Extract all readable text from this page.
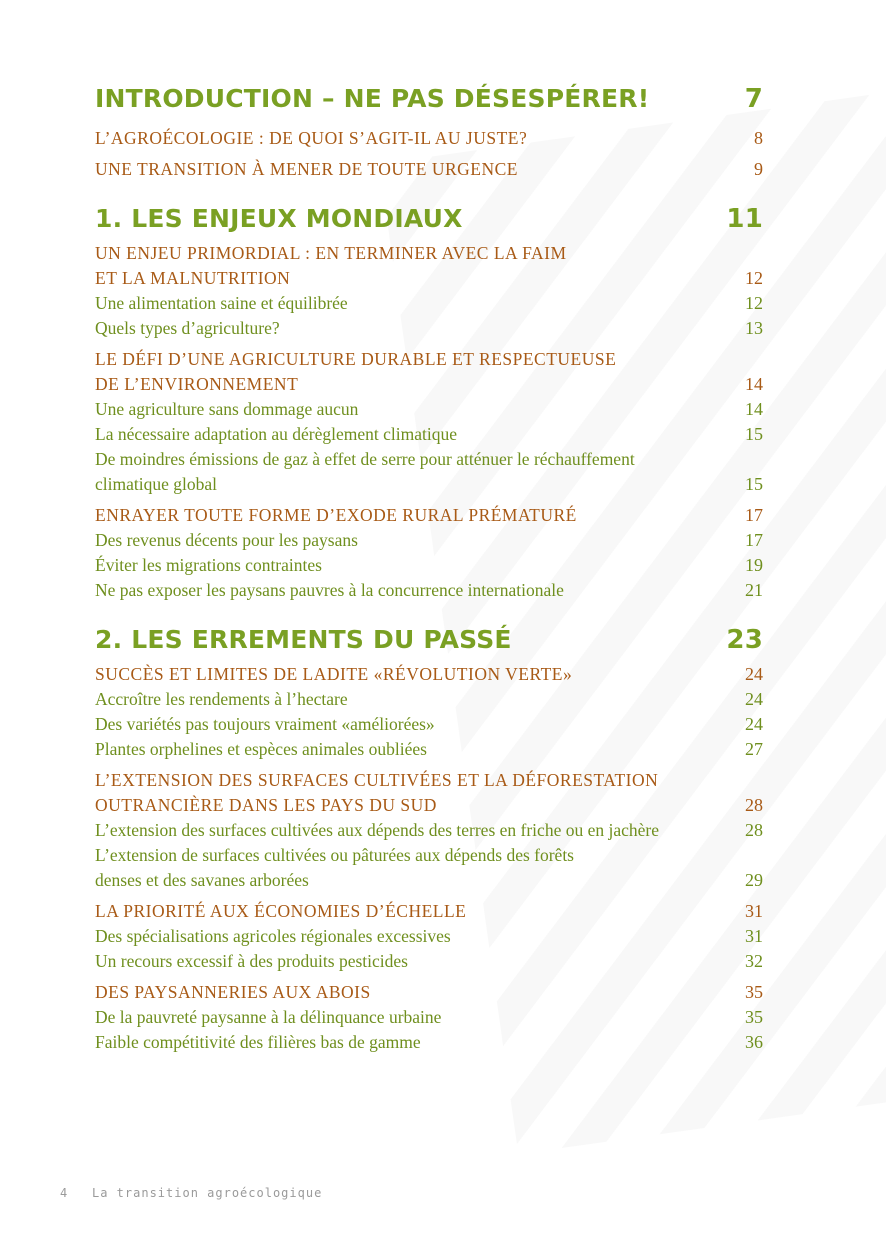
INTRODUCTION – NE PAS DÉSESPÉRER!	7
L’AGROÉCOLOGIE : DE QUOI S’AGIT-IL AU JUSTE?	8
UNE TRANSITION À MENER DE TOUTE URGENCE	9
1. LES ENJEUX MONDIAUX	11
UN ENJEU PRIMORDIAL : EN TERMINER AVEC LA FAIM
ET LA MALNUTRITION	12
Une alimentation saine et équilibrée	12
Quels types d’agriculture?	13
LE DÉFI D’UNE AGRICULTURE DURABLE ET RESPECTUEUSE
DE L’ENVIRONNEMENT	14
Une agriculture sans dommage aucun	14
La nécessaire adaptation au dérèglement climatique	15
De moindres émissions de gaz à effet de serre pour atténuer le réchauffement
climatique global	15
ENRAYER TOUTE FORME D’EXODE RURAL PRÉMATURÉ	17
Des revenus décents pour les paysans	17
Éviter les migrations contraintes	19
Ne pas exposer les paysans pauvres à la concurrence internationale	21
2. LES ERREMENTS DU PASSÉ	23
SUCCÈS ET LIMITES DE LADITE «RÉVOLUTION VERTE»	24
Accroître les rendements à l’hectare	24
Des variétés pas toujours vraiment «améliorées»	24
Plantes orphelines et espèces animales oubliées	27
L’EXTENSION DES SURFACES CULTIVÉES ET LA DÉFORESTATION
OUTRANCIÈRE DANS LES PAYS DU SUD	28
L’extension des surfaces cultivées aux dépends des terres en friche ou en jachère	28
L’extension de surfaces cultivées ou pâturées aux dépends des forêts
denses et des savanes arborées	29
LA PRIORITÉ AUX ÉCONOMIES D’ÉCHELLE	31
Des spécialisations agricoles régionales excessives	31
Un recours excessif à des produits pesticides	32
DES PAYSANNERIES AUX ABOIS	35
De la pauvreté paysanne à la délinquance urbaine	35
Faible compétitivité des filières bas de gamme	36
4 La transition agroécologique
